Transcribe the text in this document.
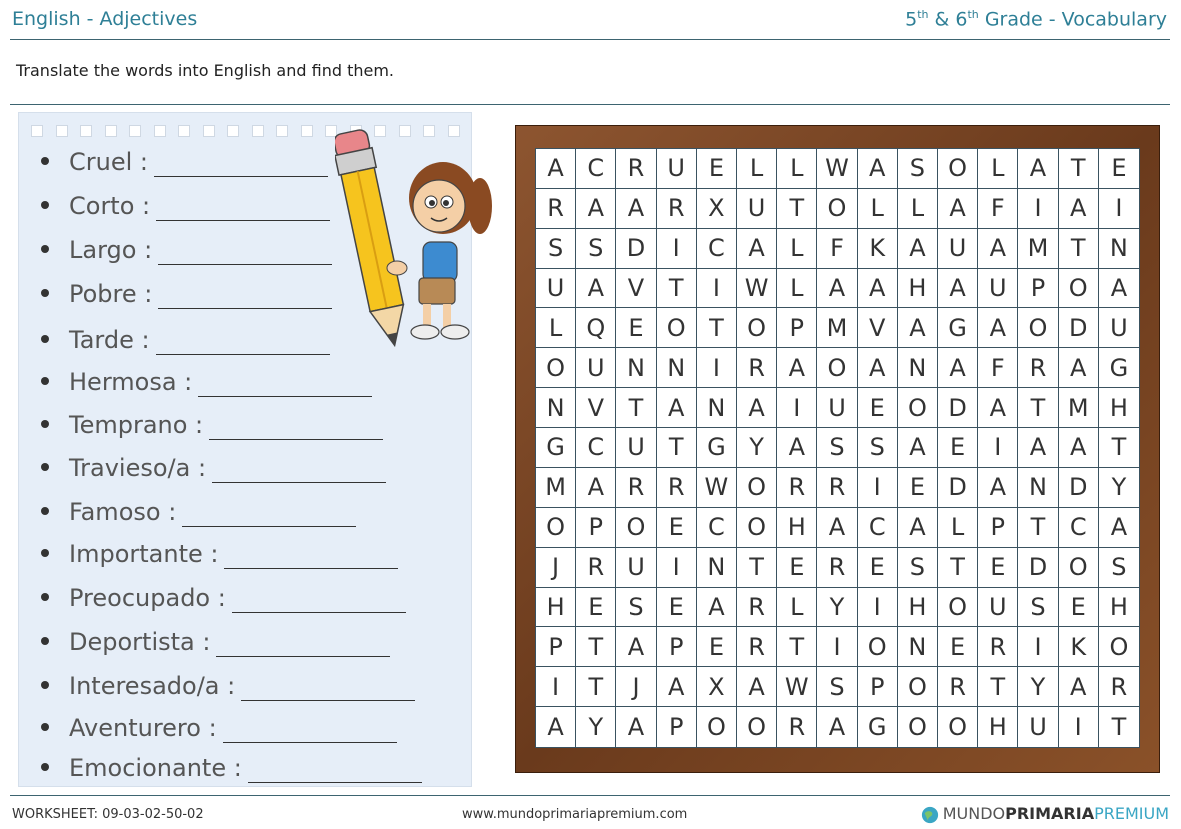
English - Adjectives	5th & 6th Grade - Vocabulary
Translate the words into English and find them.
Cruel :
Corto :
Largo :
Pobre :
Tarde :
Hermosa :
Temprano :
Travieso/a :
Famoso :
Importante :
Preocupado :
Deportista :
Interesado/a :
Aventurero :
Emocionante :
A C R U E	L	L W A	S O	L	A	T	E
R A A R X U	T O	L	L	A	F	I	A	I
S	S D	I	C A	L	F	K	A U A M T	N
U A V	T	I	W L	A A H A U	P O A
L	Q E O T O P M V A G A O D U
O U N N	I	R A O A N A	F	R A G
N V	T	A N A	I	U E O D A	T M H
G C U	T G Y	A	S	S	A	E	I	A A	T
M A R R W O R R	I	E D A N D	Y
O P O E	C O H A C A	L	P	T	C	A
J	R U	I	N T	E	R	E	S	T	E D O S
H E	S	E	A R	L	Y	I	H O U S	E	H
P	T	A	P	E	R	T	I	O N E	R	I	K O
I	T	J	A X A W S	P O R	T	Y	A	R
A	Y	A	P O O R A G O O H U	I	T
WORKSHEET: 09-03-02-50-02	www.mundoprimariapremium.com	MUNDOPRIMARIAPREMIUM
